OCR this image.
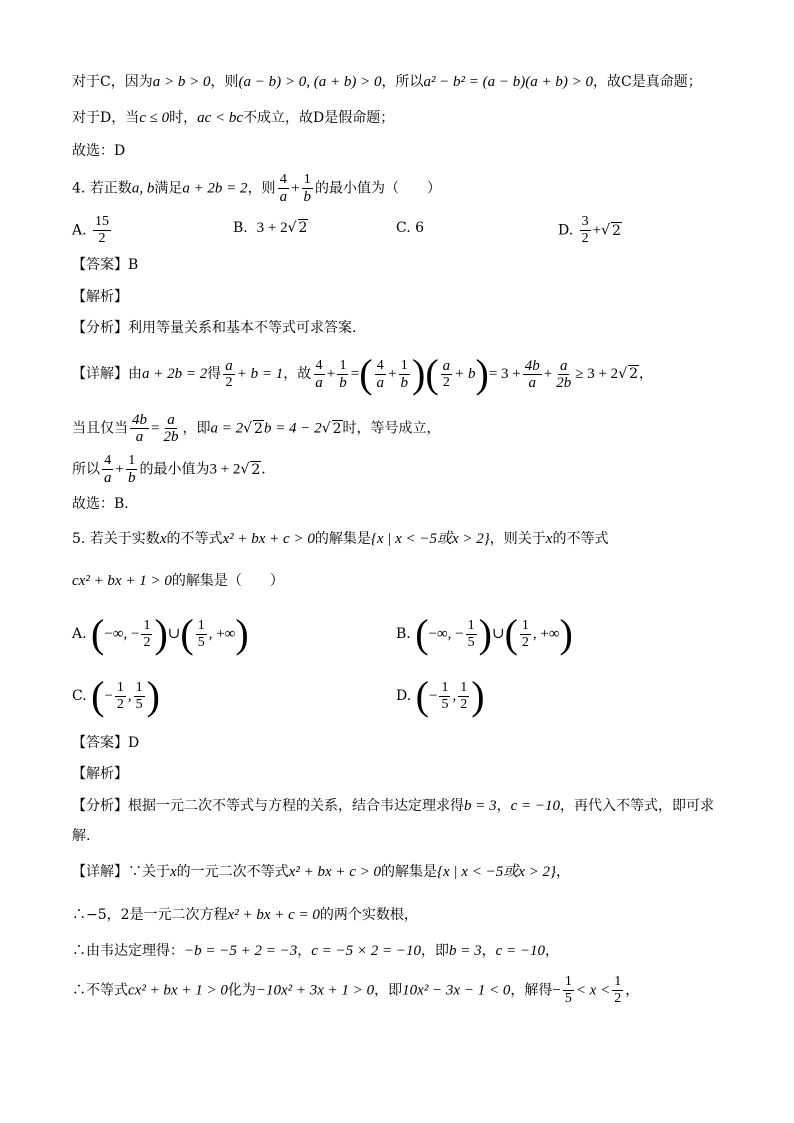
对于C，因为a > b > 0，则(a − b) > 0, (a + b) > 0，所以a² − b² = (a − b)(a + b) > 0，故C是真命题；
对于D，当c ≤ 0时，ac < bc不成立，故D是假命题；
故选：D
4. 若正数a, b满足a + 2b = 2，则 $\frac{4}{a} + \frac{1}{b}$ 的最小值为（　　）
A. $\frac{15}{2}$	B. 3 + 2√ 2	C. 6	D. $\frac{3}{2}$ +√ 2
【答案】B
【解析】
【分析】利用等量关系和基本不等式可求答案.
【详解】由a + 2b = 2得 $\frac{a}{2} + b = 1$，故 $\frac{4}{a} + \frac{1}{b}$ =( $\frac{4}{a} + \frac{1}{b}$ )( $\frac{a}{2} + b)= 3 + \frac{4b}{a} + \frac{a}{2b} \ge 3 + 2√$ 2，
当且仅当 $\frac{4b}{a} = \frac{a}{2b}$ ，即a = 2√ 2b = 4 − 2√ 2时，等号成立，
所以 $\frac{4}{a} + \frac{1}{b}$ 的最小值为3 + 2√ 2.
故选：B．
5. 若关于实数x的不等式x² + bx + c > 0的解集是{x | x < −5或x > 2}，则关于x的不等式
cx² + bx + 1 > 0的解集是（　　）
A. (−∞, − $\frac{1}{2}$ )∪( $\frac{1}{5}$ , +∞)	B. (−∞, − $\frac{1}{5}$ )∪( $\frac{1}{2}$ , +∞)
C. (− $\frac{1}{2}$ , $\frac{1}{5}$ )	D. (− $\frac{1}{5}$ , $\frac{1}{2}$ )
【答案】D
【解析】
【分析】根据一元二次不等式与方程的关系，结合韦达定理求得b = 3，c = −10，再代入不等式，即可求
解.
【详解】∵关于x的一元二次不等式x² + bx + c > 0的解集是{x | x < −5或x > 2}，
∴−5，2是一元二次方程x² + bx + c = 0的两个实数根，
∴由韦达定理得：−b = −5 + 2 = −3，c = −5 × 2 = −10，即b = 3，c = −10，
∴不等式cx² + bx + 1 > 0化为−10x² + 3x + 1 > 0，即10x² − 3x − 1 < 0，解得− $\frac{1}{5} < x < \frac{1}{2}$ ，
